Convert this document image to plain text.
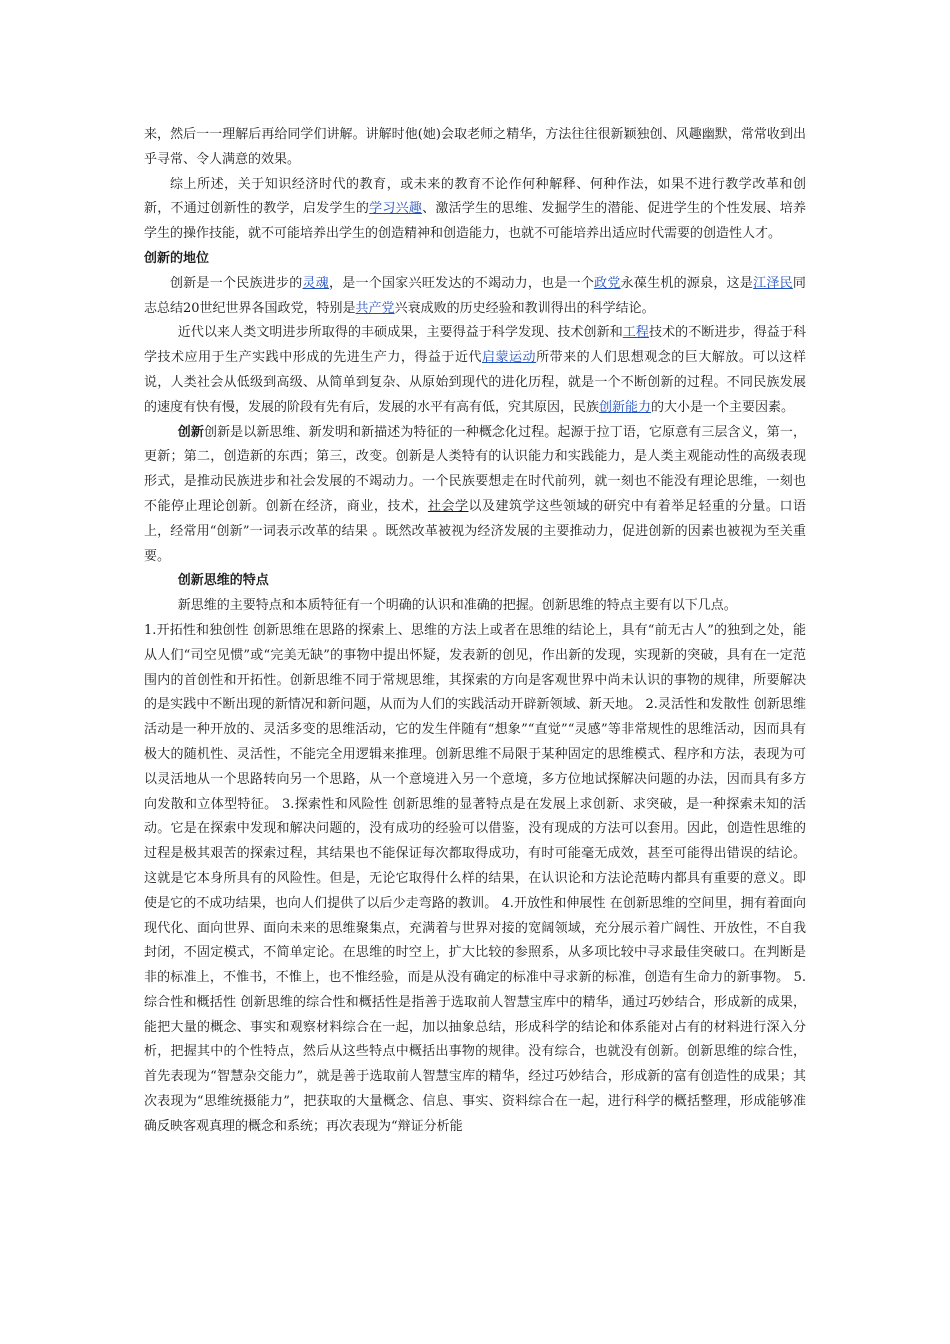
来，然后一一理解后再给同学们讲解。讲解时他(她)会取老师之精华，方法往往很新颖独创、风趣幽默，常常收到出乎寻常、令人满意的效果。

综上所述，关于知识经济时代的教育，或未来的教育不论作何种解释、何种作法，如果不进行教学改革和创新，不通过创新性的教学，启发学生的学习兴趣、激活学生的思维、发掘学生的潜能、促进学生的个性发展、培养学生的操作技能，就不可能培养出学生的创造精神和创造能力，也就不可能培养出适应时代需要的创造性人才。

创新的地位

创新是一个民族进步的灵魂，是一个国家兴旺发达的不竭动力，也是一个政党永葆生机的源泉，这是江泽民同志总结20世纪世界各国政党，特别是共产党兴衰成败的历史经验和教训得出的科学结论。

近代以来人类文明进步所取得的丰硕成果，主要得益于科学发现、技术创新和工程技术的不断进步，得益于科学技术应用于生产实践中形成的先进生产力，得益于近代启蒙运动所带来的人们思想观念的巨大解放。可以这样说，人类社会从低级到高级、从简单到复杂、从原始到现代的进化历程，就是一个不断创新的过程。不同民族发展的速度有快有慢，发展的阶段有先有后，发展的水平有高有低，究其原因，民族创新能力的大小是一个主要因素。

创新创新是以新思维、新发明和新描述为特征的一种概念化过程。起源于拉丁语，它原意有三层含义，第一，更新；第二，创造新的东西；第三，改变。创新是人类特有的认识能力和实践能力，是人类主观能动性的高级表现形式，是推动民族进步和社会发展的不竭动力。一个民族要想走在时代前列，就一刻也不能没有理论思维，一刻也不能停止理论创新。创新在经济，商业，技术，社会学以及建筑学这些领域的研究中有着举足轻重的分量。口语上，经常用“创新”一词表示改革的结果 。既然改革被视为经济发展的主要推动力，促进创新的因素也被视为至关重要。

创新思维的特点

新思维的主要特点和本质特征有一个明确的认识和准确的把握。创新思维的特点主要有以下几点。

1.开拓性和独创性 创新思维在思路的探索上、思维的方法上或者在思维的结论上，具有“前无古人”的独到之处，能从人们“司空见惯”或“完美无缺”的事物中提出怀疑，发表新的创见，作出新的发现，实现新的突破，具有在一定范围内的首创性和开拓性。创新思维不同于常规思维，其探索的方向是客观世界中尚未认识的事物的规律，所要解决的是实践中不断出现的新情况和新问题，从而为人们的实践活动开辟新领域、新天地。 2.灵活性和发散性 创新思维活动是一种开放的、灵活多变的思维活动，它的发生伴随有“想象”“直觉”“灵感”等非常规性的思维活动，因而具有极大的随机性、灵活性，不能完全用逻辑来推理。创新思维不局限于某种固定的思维模式、程序和方法，表现为可以灵活地从一个思路转向另一个思路，从一个意境进入另一个意境，多方位地试探解决问题的办法，因而具有多方向发散和立体型特征。 3.探索性和风险性 创新思维的显著特点是在发展上求创新、求突破，是一种探索未知的活动。它是在探索中发现和解决问题的，没有成功的经验可以借鉴，没有现成的方法可以套用。因此，创造性思维的过程是极其艰苦的探索过程，其结果也不能保证每次都取得成功，有时可能毫无成效，甚至可能得出错误的结论。这就是它本身所具有的风险性。但是，无论它取得什么样的结果，在认识论和方法论范畴内都具有重要的意义。即使是它的不成功结果，也向人们提供了以后少走弯路的教训。 4.开放性和伸展性 在创新思维的空间里，拥有着面向现代化、面向世界、面向未来的思维聚集点，充满着与世界对接的宽阔领域，充分展示着广阔性、开放性，不自我封闭，不固定模式，不简单定论。在思维的时空上，扩大比较的参照系，从多项比较中寻求最佳突破口。在判断是非的标准上，不惟书，不惟上，也不惟经验，而是从没有确定的标准中寻求新的标准，创造有生命力的新事物。 5.综合性和概括性 创新思维的综合性和概括性是指善于选取前人智慧宝库中的精华，通过巧妙结合，形成新的成果，能把大量的概念、事实和观察材料综合在一起，加以抽象总结，形成科学的结论和体系能对占有的材料进行深入分析，把握其中的个性特点，然后从这些特点中概括出事物的规律。没有综合，也就没有创新。创新思维的综合性，首先表现为“智慧杂交能力”，就是善于选取前人智慧宝库的精华，经过巧妙结合，形成新的富有创造性的成果；其次表现为“思维统摄能力”，把获取的大量概念、信息、事实、资料综合在一起，进行科学的概括整理，形成能够准确反映客观真理的概念和系统；再次表现为“辩证分析能
